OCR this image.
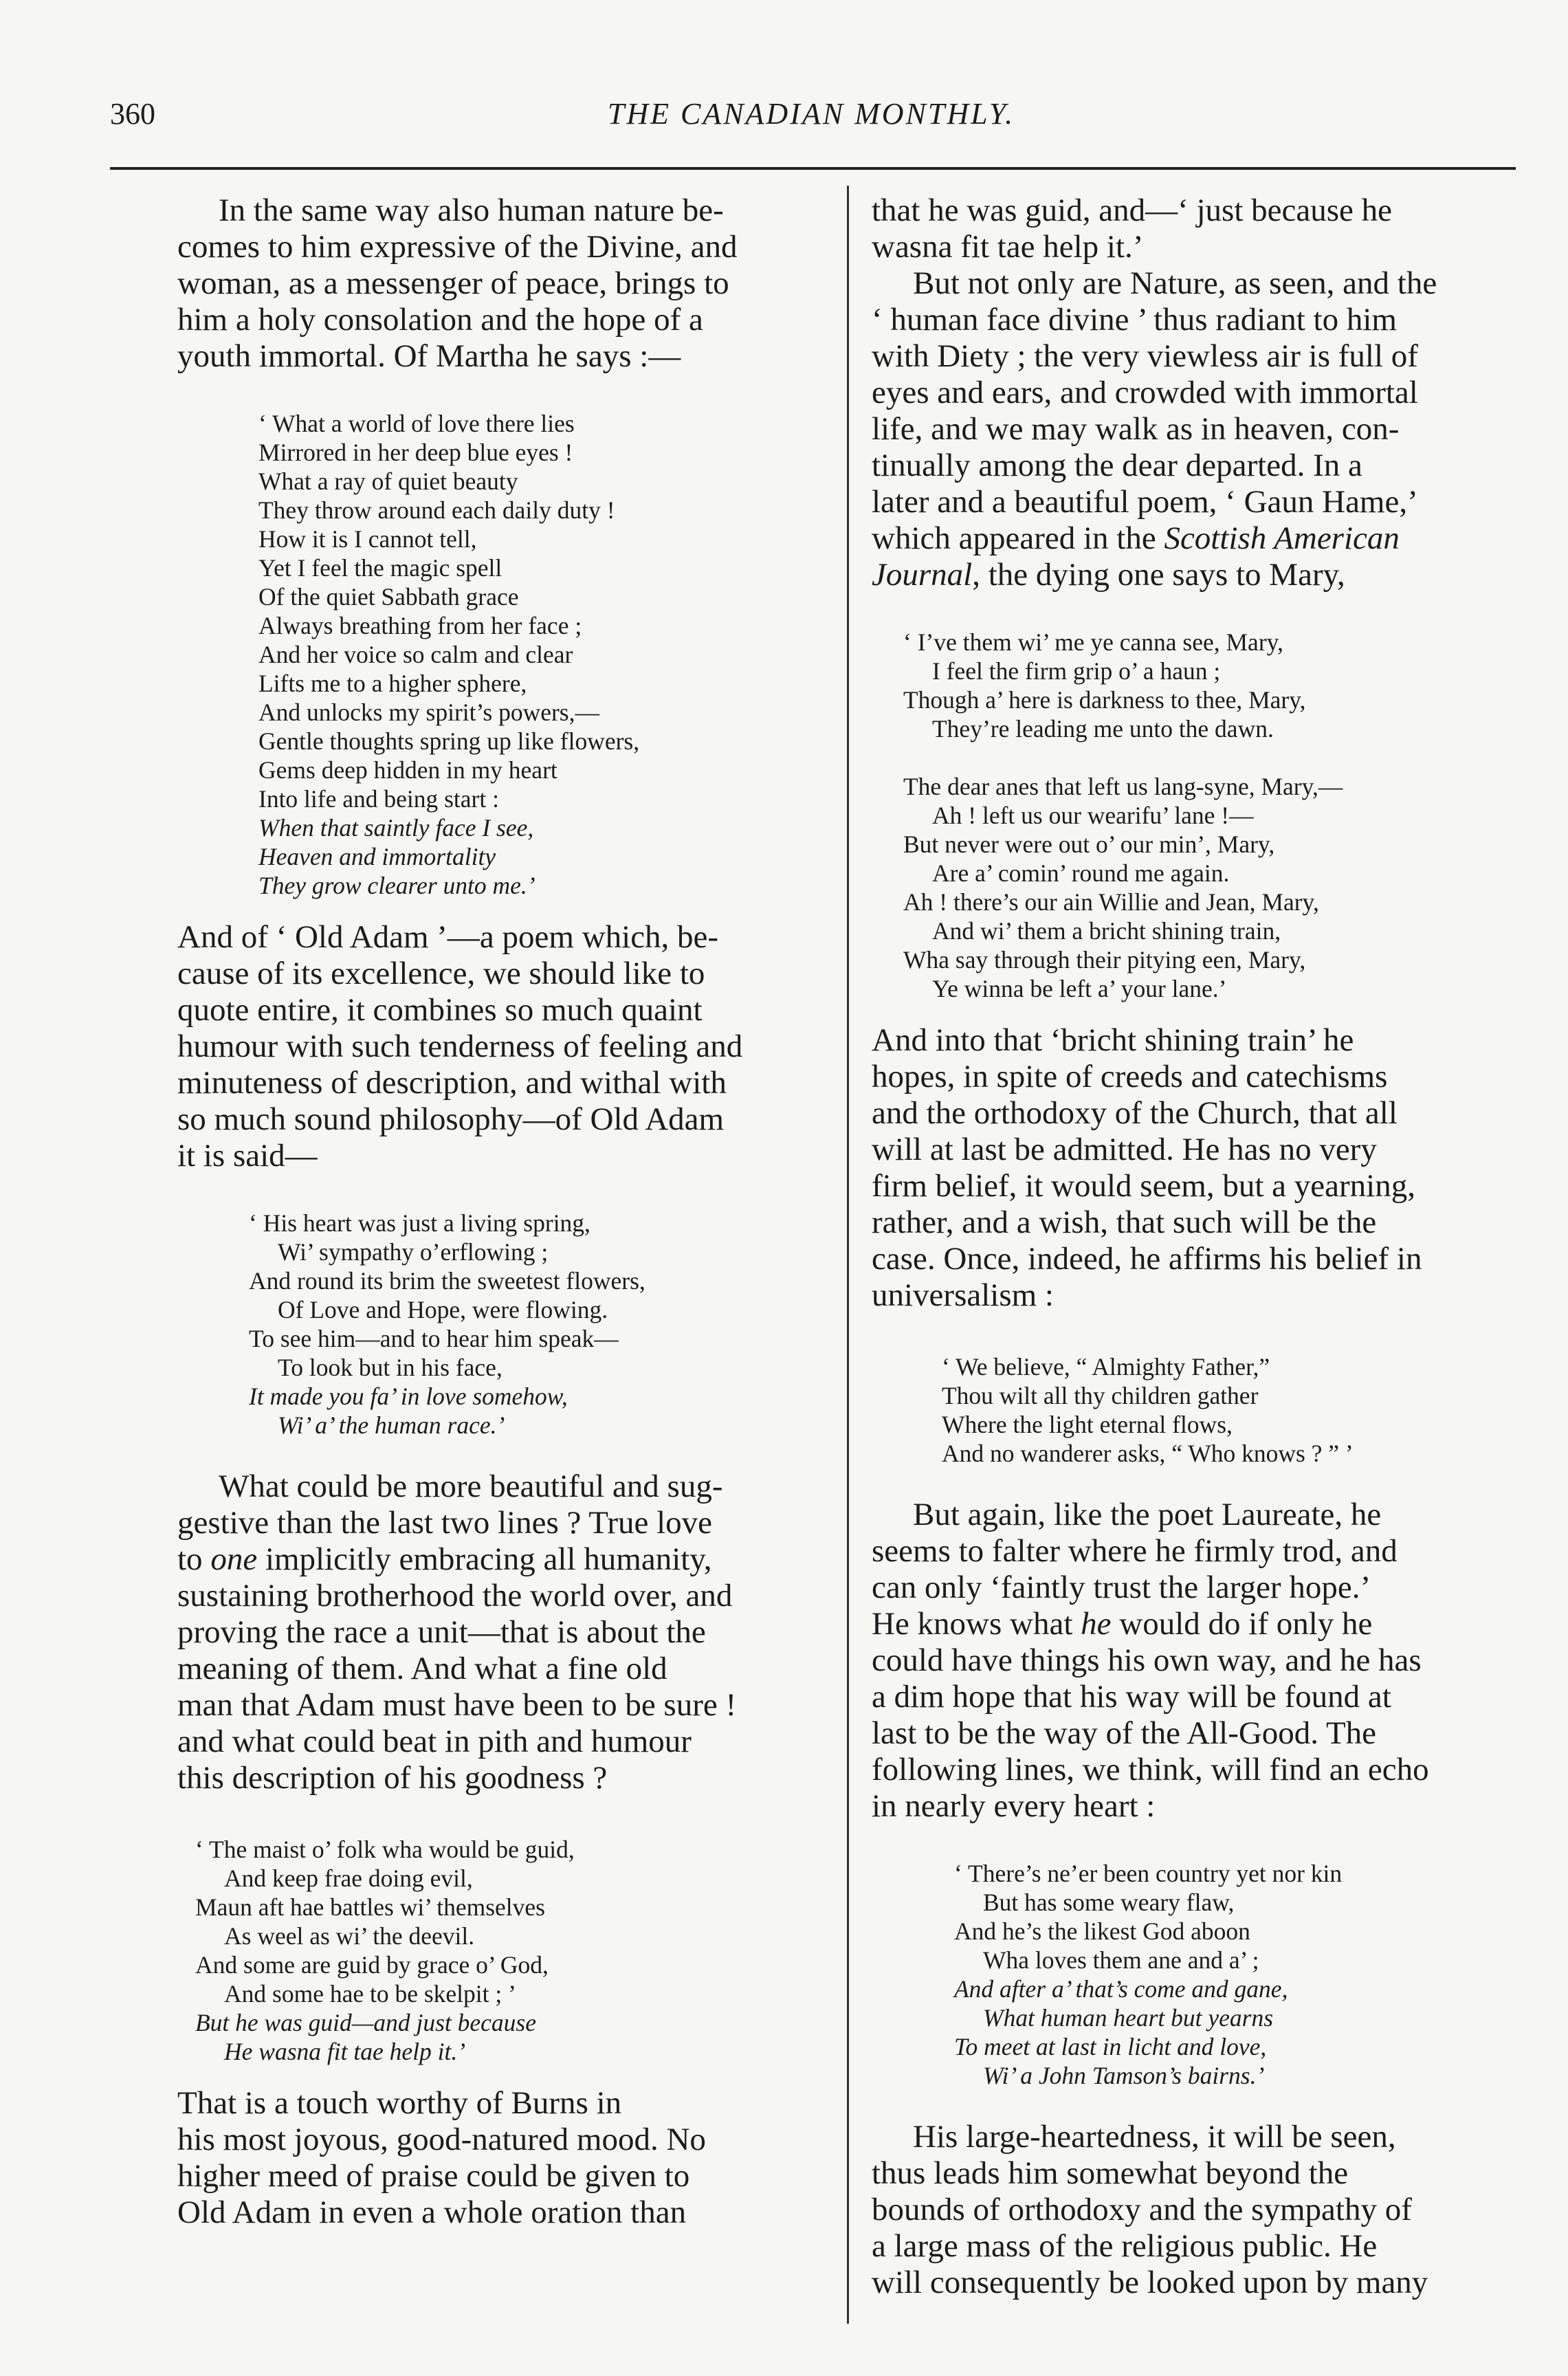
360	THE CANADIAN MONTHLY.

In the same way also human nature be-
comes to him expressive of the Divine, and
woman, as a messenger of peace, brings to
him a holy consolation and the hope of a
youth immortal. Of Martha he says :—

‘ What a world of love there lies
Mirrored in her deep blue eyes !
What a ray of quiet beauty
They throw around each daily duty !
How it is I cannot tell,
Yet I feel the magic spell
Of the quiet Sabbath grace
Always breathing from her face ;
And her voice so calm and clear
Lifts me to a higher sphere,
And unlocks my spirit’s powers,—
Gentle thoughts spring up like flowers,
Gems deep hidden in my heart
Into life and being start :
When that saintly face I see,
Heaven and immortality
They grow clearer unto me.’

And of ‘ Old Adam ’—a poem which, be-
cause of its excellence, we should like to
quote entire, it combines so much quaint
humour with such tenderness of feeling and
minuteness of description, and withal with
so much sound philosophy—of Old Adam
it is said—

‘ His heart was just a living spring,
Wi’ sympathy o’erflowing ;
And round its brim the sweetest flowers,
Of Love and Hope, were flowing.
To see him—and to hear him speak—
To look but in his face,
It made you fa’ in love somehow,
Wi’ a’ the human race.’

What could be more beautiful and sug-
gestive than the last two lines ? True love
to one implicitly embracing all humanity,
sustaining brotherhood the world over, and
proving the race a unit—that is about the
meaning of them. And what a fine old
man that Adam must have been to be sure !
and what could beat in pith and humour
this description of his goodness ?

‘ The maist o’ folk wha would be guid,
And keep frae doing evil,
Maun aft hae battles wi’ themselves
As weel as wi’ the deevil.
And some are guid by grace o’ God,
And some hae to be skelpit ; ’
But he was guid—and just because
He wasna fit tae help it.’

That is a touch worthy of Burns in
his most joyous, good-natured mood. No
higher meed of praise could be given to
Old Adam in even a whole oration than

that he was guid, and—‘ just because he
wasna fit tae help it.’

But not only are Nature, as seen, and the
‘ human face divine ’ thus radiant to him
with Diety ; the very viewless air is full of
eyes and ears, and crowded with immortal
life, and we may walk as in heaven, con-
tinually among the dear departed. In a
later and a beautiful poem, ‘ Gaun Hame,’
which appeared in the Scottish American
Journal, the dying one says to Mary,

‘ I’ve them wi’ me ye canna see, Mary,
I feel the firm grip o’ a haun ;
Though a’ here is darkness to thee, Mary,
They’re leading me unto the dawn.
The dear anes that left us lang-syne, Mary,—
Ah ! left us our wearifu’ lane !—
But never were out o’ our min’, Mary,
Are a’ comin’ round me again.
Ah ! there’s our ain Willie and Jean, Mary,
And wi’ them a bricht shining train,
Wha say through their pitying een, Mary,
Ye winna be left a’ your lane.’

And into that ‘bricht shining train’ he
hopes, in spite of creeds and catechisms
and the orthodoxy of the Church, that all
will at last be admitted. He has no very
firm belief, it would seem, but a yearning,
rather, and a wish, that such will be the
case. Once, indeed, he affirms his belief in
universalism :

‘ We believe, “ Almighty Father,”
Thou wilt all thy children gather
Where the light eternal flows,
And no wanderer asks, “ Who knows ? ” ’

But again, like the poet Laureate, he
seems to falter where he firmly trod, and
can only ‘faintly trust the larger hope.’
He knows what he would do if only he
could have things his own way, and he has
a dim hope that his way will be found at
last to be the way of the All-Good. The
following lines, we think, will find an echo
in nearly every heart :

‘ There’s ne’er been country yet nor kin
But has some weary flaw,
And he’s the likest God aboon
Wha loves them ane and a’ ;
And after a’ that’s come and gane,
What human heart but yearns
To meet at last in licht and love,
Wi’ a John Tamson’s bairns.’

His large-heartedness, it will be seen,
thus leads him somewhat beyond the
bounds of orthodoxy and the sympathy of
a large mass of the religious public. He
will consequently be looked upon by many
